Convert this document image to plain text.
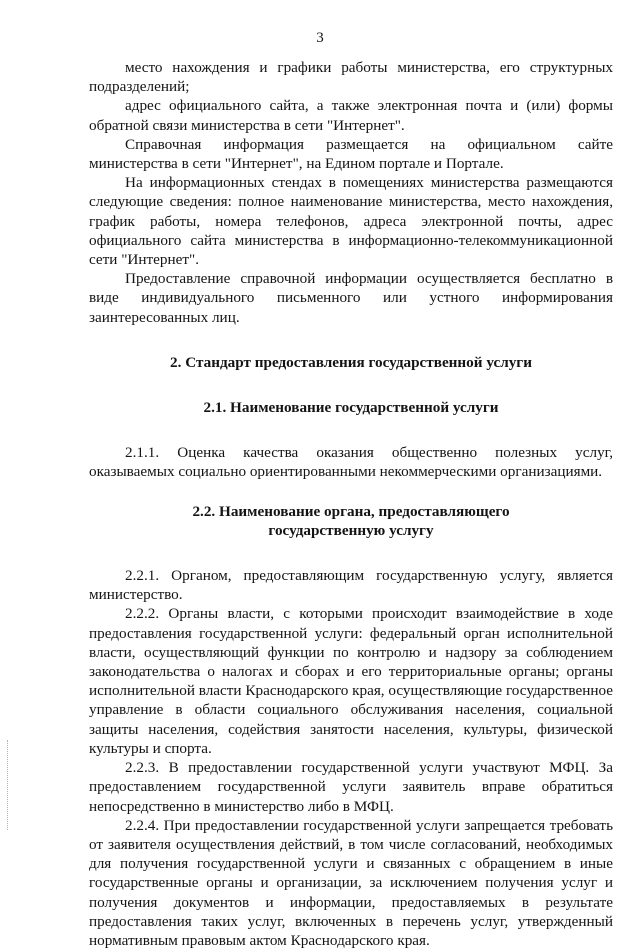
3

место нахождения и графики работы министерства, его структурных подразделений;

адрес официального сайта, а также электронная почта и (или) формы обратной связи министерства в сети "Интернет".

Справочная информация размещается на официальном сайте министерства в сети "Интернет", на Едином портале и Портале.

На информационных стендах в помещениях министерства размещаются следующие сведения: полное наименование министерства, место нахождения, график работы, номера телефонов, адреса электронной почты, адрес официального сайта министерства в информационно-телекоммуникационной сети "Интернет".

Предоставление справочной информации осуществляется бесплатно в виде индивидуального письменного или устного информирования заинтересованных лиц.

2. Стандарт предоставления государственной услуги
2.1. Наименование государственной услуги

2.1.1. Оценка качества оказания общественно полезных услуг, оказываемых социально ориентированными некоммерческими организациями.

2.2. Наименование органа, предоставляющего
государственную услугу

2.2.1. Органом, предоставляющим государственную услугу, является министерство.

2.2.2. Органы власти, с которыми происходит взаимодействие в ходе предоставления государственной услуги: федеральный орган исполнительной власти, осуществляющий функции по контролю и надзору за соблюдением законодательства о налогах и сборах и его территориальные органы; органы исполнительной власти Краснодарского края, осуществляющие государственное управление в области социального обслуживания населения, социальной защиты населения, содействия занятости населения, культуры, физической культуры и спорта.

2.2.3. В предоставлении государственной услуги участвуют МФЦ. За предоставлением государственной услуги заявитель вправе обратиться непосредственно в министерство либо в МФЦ.

2.2.4. При предоставлении государственной услуги запрещается требовать от заявителя осуществления действий, в том числе согласований, необходимых для получения государственной услуги и связанных с обращением в иные государственные органы и организации, за исключением получения услуг и получения документов и информации, предоставляемых в результате предоставления таких услуг, включенных в перечень услуг, утвержденный нормативным правовым актом Краснодарского края.
